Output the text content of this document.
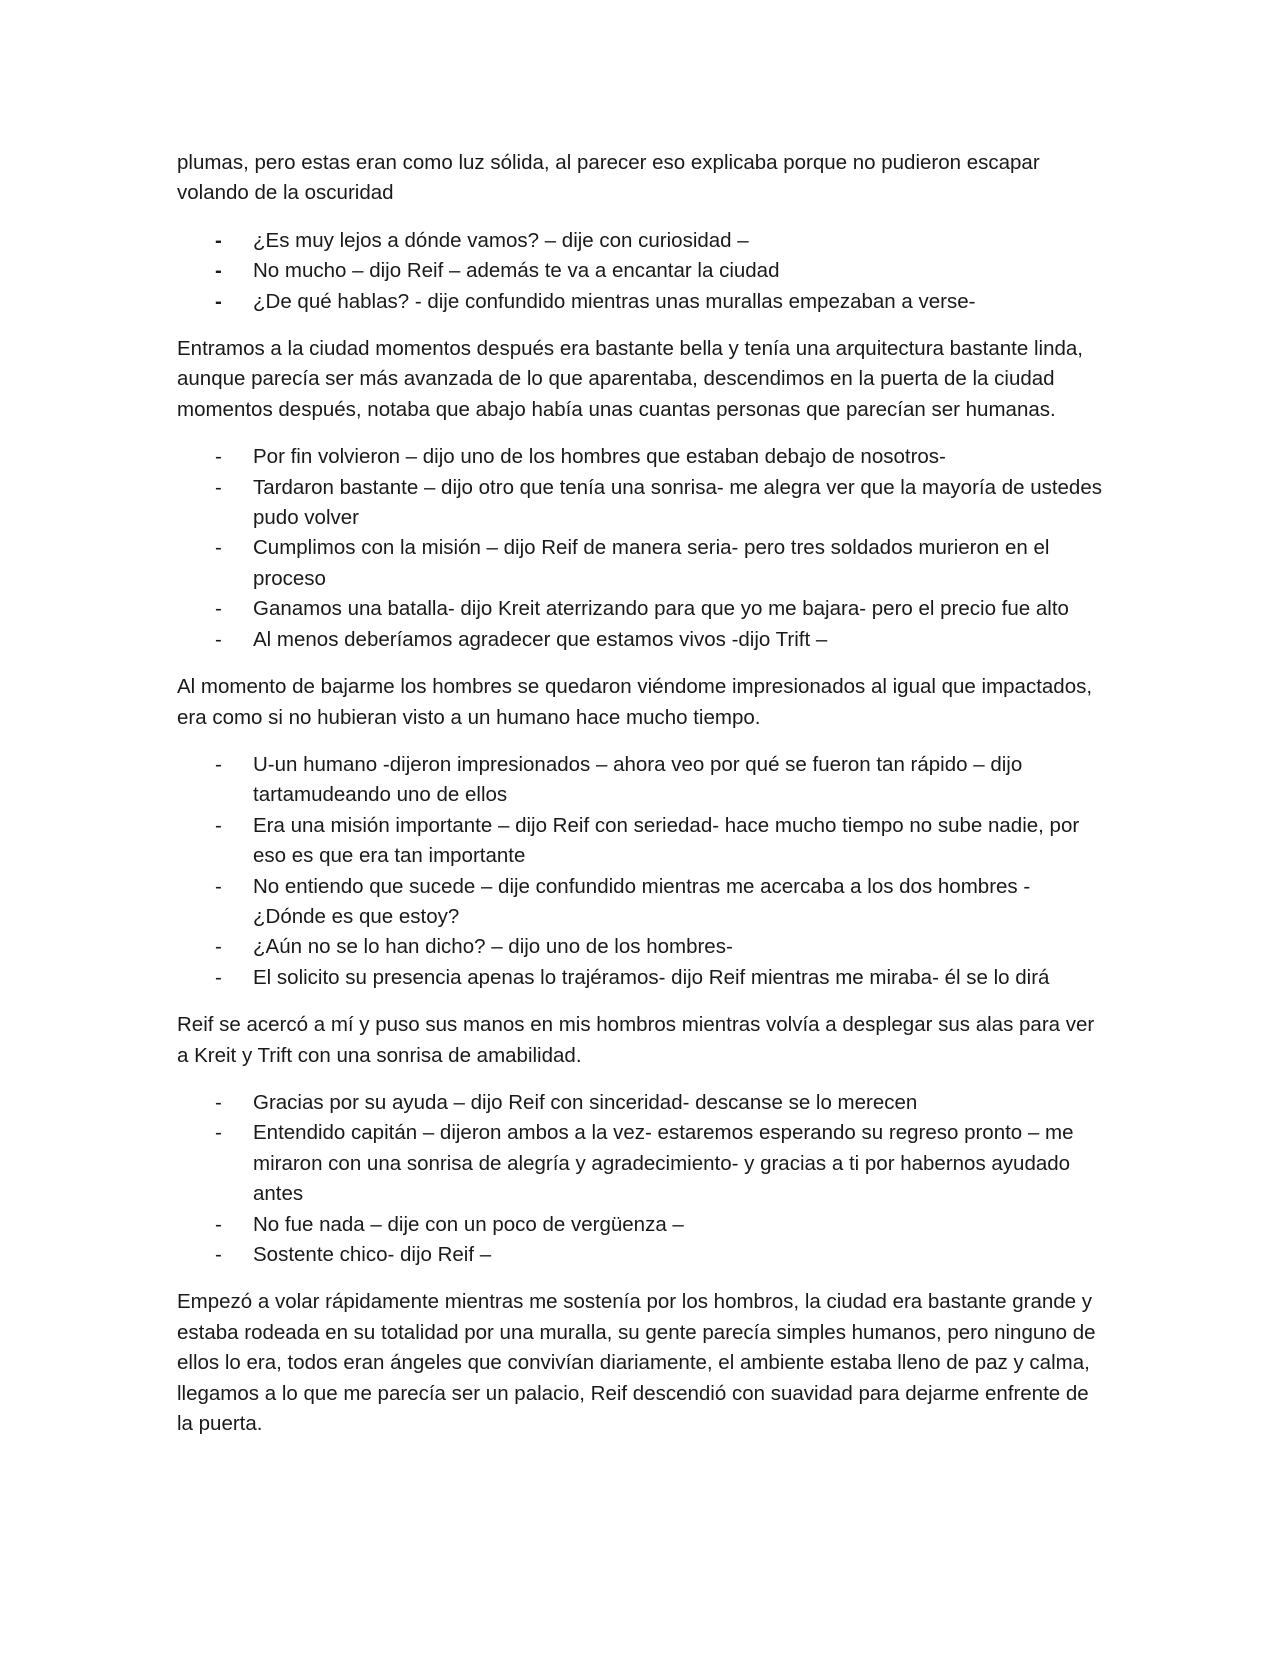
plumas, pero estas eran como luz sólida, al parecer eso explicaba porque no pudieron escapar volando de la oscuridad

- ¿Es muy lejos a dónde vamos? – dije con curiosidad –
- No mucho – dijo Reif – además te va a encantar la ciudad
- ¿De qué hablas? - dije confundido mientras unas murallas empezaban a verse-

Entramos a la ciudad momentos después era bastante bella y tenía una arquitectura bastante linda, aunque parecía ser más avanzada de lo que aparentaba, descendimos en la puerta de la ciudad momentos después, notaba que abajo había unas cuantas personas que parecían ser humanas.

- Por fin volvieron – dijo uno de los hombres que estaban debajo de nosotros-
- Tardaron bastante – dijo otro que tenía una sonrisa- me alegra ver que la mayoría de ustedes pudo volver
- Cumplimos con la misión – dijo Reif de manera seria- pero tres soldados murieron en el proceso
- Ganamos una batalla- dijo Kreit aterrizando para que yo me bajara- pero el precio fue alto
- Al menos deberíamos agradecer que estamos vivos -dijo Trift –

Al momento de bajarme los hombres se quedaron viéndome impresionados al igual que impactados, era como si no hubieran visto a un humano hace mucho tiempo.

- U-un humano -dijeron impresionados – ahora veo por qué se fueron tan rápido – dijo tartamudeando uno de ellos
- Era una misión importante – dijo Reif con seriedad- hace mucho tiempo no sube nadie, por eso es que era tan importante
- No entiendo que sucede – dije confundido mientras me acercaba a los dos hombres -¿Dónde es que estoy?
- ¿Aún no se lo han dicho? – dijo uno de los hombres-
- El solicito su presencia apenas lo trajéramos- dijo Reif mientras me miraba- él se lo dirá

Reif se acercó a mí y puso sus manos en mis hombros mientras volvía a desplegar sus alas para ver a Kreit y Trift con una sonrisa de amabilidad.

- Gracias por su ayuda – dijo Reif con sinceridad- descanse se lo merecen
- Entendido capitán – dijeron ambos a la vez- estaremos esperando su regreso pronto – me miraron con una sonrisa de alegría y agradecimiento- y gracias a ti por habernos ayudado antes
- No fue nada – dije con un poco de vergüenza –
- Sostente chico- dijo Reif –

Empezó a volar rápidamente mientras me sostenía por los hombros, la ciudad era bastante grande y estaba rodeada en su totalidad por una muralla, su gente parecía simples humanos, pero ninguno de ellos lo era, todos eran ángeles que convivían diariamente, el ambiente estaba lleno de paz y calma, llegamos a lo que me parecía ser un palacio, Reif descendió con suavidad para dejarme enfrente de la puerta.
